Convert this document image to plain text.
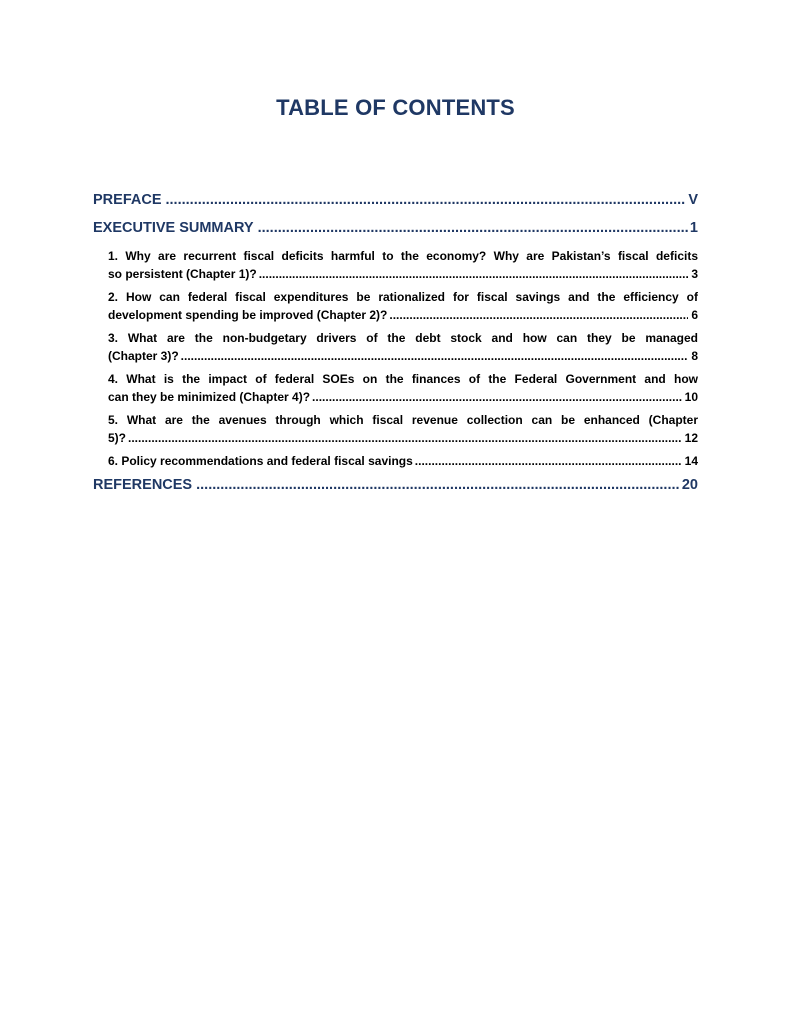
TABLE OF CONTENTS
PREFACE .....	V
EXECUTIVE SUMMARY .....	1
1. Why are recurrent fiscal deficits harmful to the economy? Why are Pakistan’s fiscal deficits
so persistent (Chapter 1)? .....	3
2. How can federal fiscal expenditures be rationalized for fiscal savings and the efficiency of
development spending be improved (Chapter 2)? .....	6
3. What are the non-budgetary drivers of the debt stock and how can they be managed
(Chapter 3)? .....	8
4. What is the impact of federal SOEs on the finances of the Federal Government and how
can they be minimized (Chapter 4)? .....	10
5. What are the avenues through which fiscal revenue collection can be enhanced (Chapter
5)? .....	12
6. Policy recommendations and federal fiscal savings .....	14
REFERENCES .....	20
